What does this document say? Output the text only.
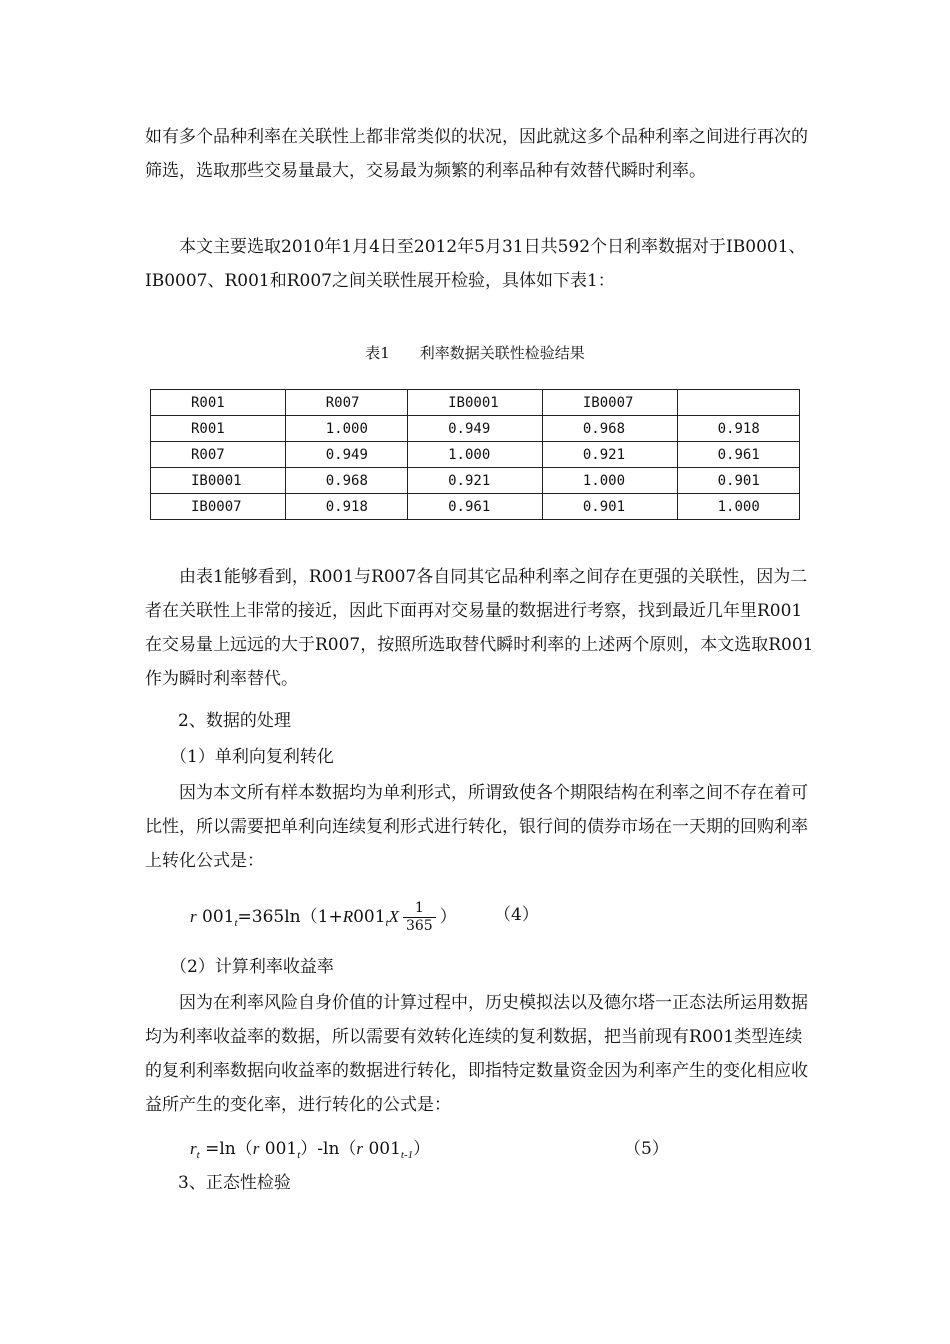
如有多个品种利率在关联性上都非常类似的状况，因此就这多个品种利率之间进行再次的筛选，选取那些交易量最大，交易最为频繁的利率品种有效替代瞬时利率。

本文主要选取2010年1月4日至2012年5月31日共592个日利率数据对于IB0001、IB0007、R001和R007之间关联性展开检验，具体如下表1：

表1　　利率数据关联性检验结果
R001	R007	IB0001	IB0007	
R001	1.000	0.949	0.968	0.918
R007	0.949	1.000	0.921	0.961
IB0001	0.968	0.921	1.000	0.901
IB0007	0.918	0.961	0.901	1.000

由表1能够看到，R001与R007各自同其它品种利率之间存在更强的关联性，因为二者在关联性上非常的接近，因此下面再对交易量的数据进行考察，找到最近几年里R001在交易量上远远的大于R007，按照所选取替代瞬时利率的上述两个原则，本文选取R001作为瞬时利率替代。

2、数据的处理

（1）单利向复利转化

因为本文所有样本数据均为单利形式，所谓致使各个期限结构在利率之间不存在着可比性，所以需要把单利向连续复利形式进行转化，银行间的债券市场在一天期的回购利率上转化公式是：

r $001_t=365\ln(1+R001_tX \frac{1}{365}$ ） （4）

（2）计算利率收益率

因为在利率风险自身价值的计算过程中，历史模拟法以及德尔塔一正态法所运用数据均为利率收益率的数据，所以需要有效转化连续的复利数据，把当前现有R001类型连续的复利利率数据向收益率的数据进行转化，即指特定数量资金因为利率产生的变化相应收益所产生的变化率，进行转化的公式是：

$r_t =\ln(r$ $001_t)-\ln(r$ $001_{t-1}$）	（5）

3、正态性检验
